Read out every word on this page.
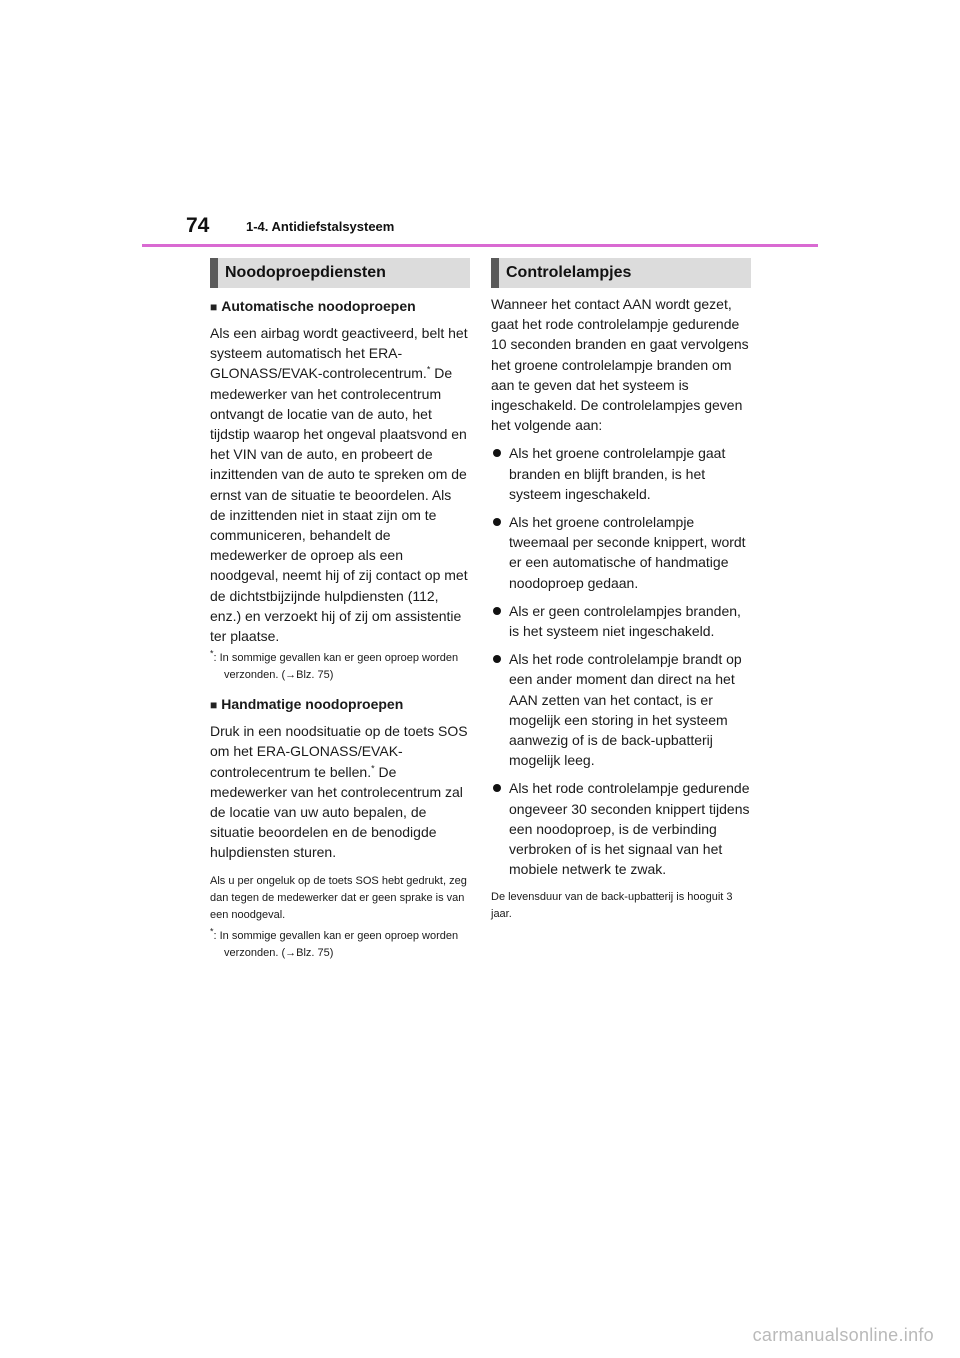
74	1-4. Antidiefstalsysteem
Noodoproepdiensten
■ Automatische noodoproepen

Als een airbag wordt geactiveerd, belt het systeem automatisch het ERA-GLONASS/EVAK-controlecentrum.* De medewerker van het controlecentrum ontvangt de locatie van de auto, het tijdstip waarop het ongeval plaatsvond en het VIN van de auto, en probeert de inzittenden van de auto te spreken om de ernst van de situatie te beoordelen. Als de inzittenden niet in staat zijn om te communiceren, behandelt de medewerker de oproep als een noodgeval, neemt hij of zij contact op met de dichtstbijzijnde hulpdiensten (112, enz.) en verzoekt hij of zij om assistentie ter plaatse.

*: In sommige gevallen kan er geen oproep worden verzonden. (→Blz. 75)
■ Handmatige noodoproepen

Druk in een noodsituatie op de toets SOS om het ERA-GLONASS/EVAK-controlecentrum te bellen.* De medewerker van het controlecentrum zal de locatie van uw auto bepalen, de situatie beoordelen en de benodigde hulpdiensten sturen.

Als u per ongeluk op de toets SOS hebt gedrukt, zeg dan tegen de medewerker dat er geen sprake is van een noodgeval.
*: In sommige gevallen kan er geen oproep worden verzonden. (→Blz. 75)
Controlelampjes

Wanneer het contact AAN wordt gezet, gaat het rode controlelampje gedurende 10 seconden branden en gaat vervolgens het groene controlelampje branden om aan te geven dat het systeem is ingeschakeld. De controlelampjes geven het volgende aan:

Als het groene controlelampje gaat branden en blijft branden, is het systeem ingeschakeld.
Als het groene controlelampje tweemaal per seconde knippert, wordt er een automatische of handmatige noodoproep gedaan.
Als er geen controlelampjes branden, is het systeem niet ingeschakeld.
Als het rode controlelampje brandt op een ander moment dan direct na het AAN zetten van het contact, is er mogelijk een storing in het systeem aanwezig of is de back-upbatterij mogelijk leeg.
Als het rode controlelampje gedurende ongeveer 30 seconden knippert tijdens een noodoproep, is de verbinding verbroken of is het signaal van het mobiele netwerk te zwak.
De levensduur van de back-upbatterij is hooguit 3 jaar.
carmanualsonline.info
